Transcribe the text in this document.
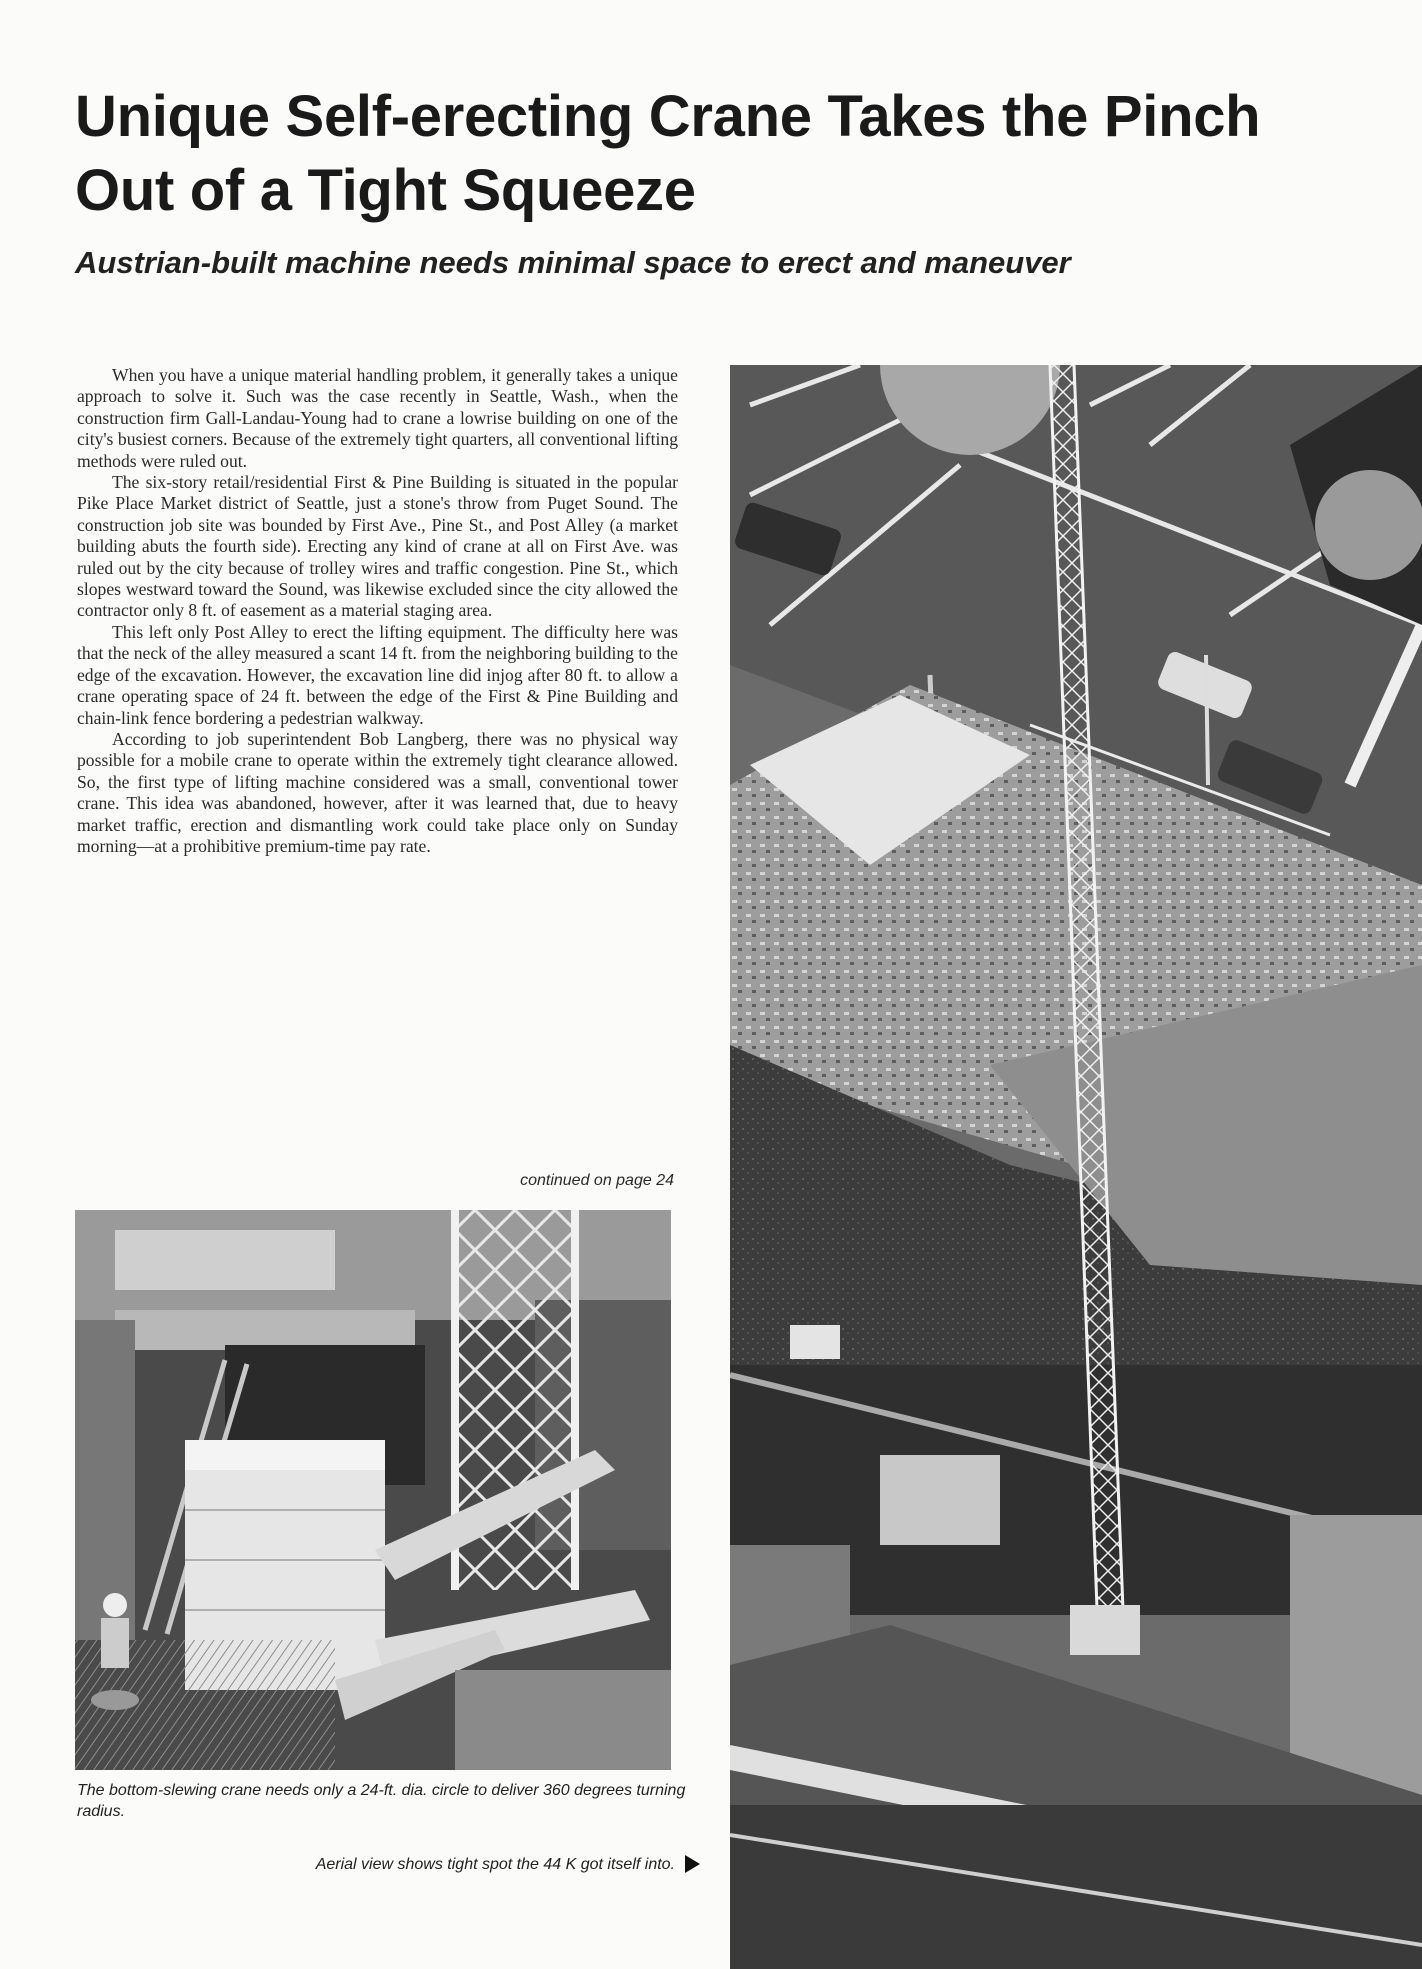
Unique Self-erecting Crane Takes the Pinch Out of a Tight Squeeze
Austrian-built machine needs minimal space to erect and maneuver

When you have a unique material handling problem, it generally takes a unique approach to solve it. Such was the case recently in Seattle, Wash., when the construction firm Gall-Landau-Young had to crane a lowrise building on one of the city's busiest corners. Because of the extremely tight quarters, all conventional lifting methods were ruled out.

The six-story retail/residential First & Pine Building is situated in the popular Pike Place Market district of Seattle, just a stone's throw from Puget Sound. The construction job site was bounded by First Ave., Pine St., and Post Alley (a market building abuts the fourth side). Erecting any kind of crane at all on First Ave. was ruled out by the city because of trolley wires and traffic congestion. Pine St., which slopes westward toward the Sound, was likewise excluded since the city allowed the contractor only 8 ft. of easement as a material staging area.

This left only Post Alley to erect the lifting equipment. The difficulty here was that the neck of the alley measured a scant 14 ft. from the neighboring building to the edge of the excavation. However, the excavation line did injog after 80 ft. to allow a crane operating space of 24 ft. between the edge of the First & Pine Building and chain-link fence bordering a pedestrian walkway.

According to job superintendent Bob Langberg, there was no physical way possible for a mobile crane to operate within the extremely tight clearance allowed. So, the first type of lifting machine considered was a small, conventional tower crane. This idea was abandoned, however, after it was learned that, due to heavy market traffic, erection and dismantling work could take place only on Sunday morning—at a prohibitive premium-time pay rate.

continued on page 24

The bottom-slewing crane needs only a 24-ft. dia. circle to deliver 360 degrees turning radius.

Aerial view shows tight spot the 44 K got itself into.
